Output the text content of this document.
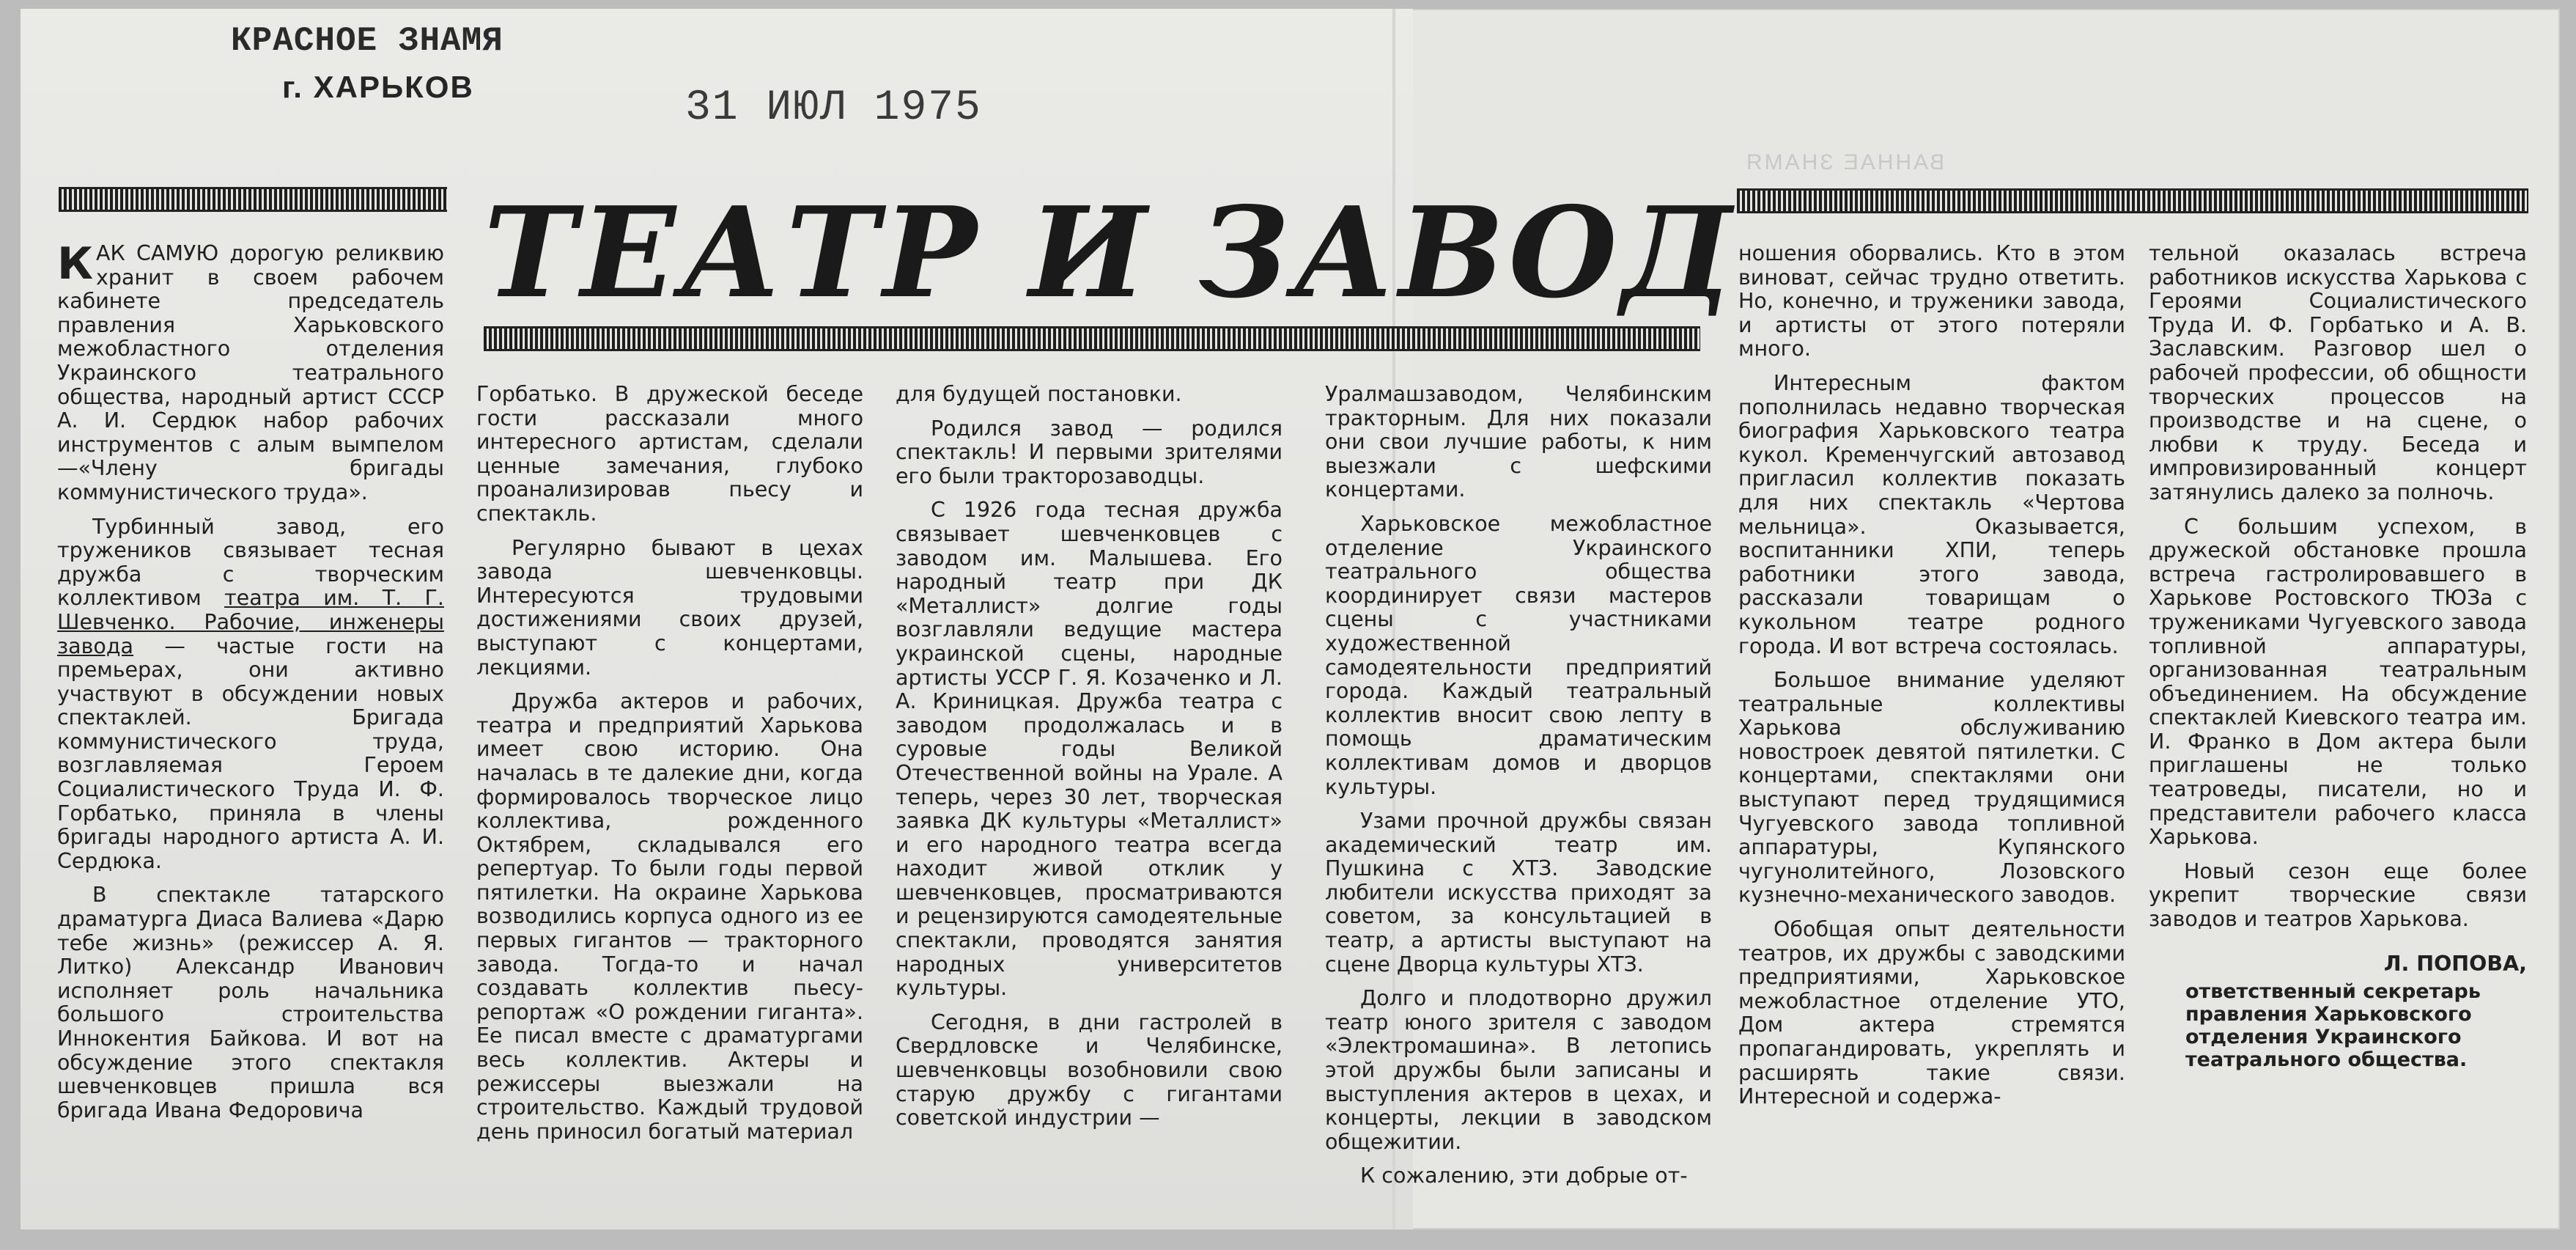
ВАННАЕ ЗНАМЯ
КРАСНОЕ ЗНАМЯ
г. ХАРЬКОВ	31 ИЮЛ 1975
ТЕАТР И ЗАВОД

КАК САМУЮ дорогую реликвию хранит в своем рабочем кабинете председатель правления Харьковского межобластного отделения Украинского театрального общества, народный артист СССР А. И. Сердюк набор рабочих инструментов с алым вымпелом—«Члену бригады коммунистического труда».

Турбинный завод, его тружеников связывает тесная дружба с творческим коллективом театра им. Т. Г. Шевченко. Рабочие, инженеры завода — частые гости на премьерах, они активно участвуют в обсуждении новых спектаклей. Бригада коммунистического труда, возглавляемая Героем Социалистического Труда И. Ф. Горбатько, приняла в члены бригады народного артиста А. И. Сердюка.

В спектакле татарского драматурга Диаса Валиева «Дарю тебе жизнь» (режиссер А. Я. Литко) Александр Иванович исполняет роль начальника большого строительства Иннокентия Байкова. И вот на обсуждение этого спектакля шевченковцев пришла вся бригада Ивана Федоровича

Горбатько. В дружеской беседе гости рассказали много интересного артистам, сделали ценные замечания, глубоко проанализировав пьесу и спектакль.

Регулярно бывают в цехах завода шевченковцы. Интересуются трудовыми достижениями своих друзей, выступают с концертами, лекциями.

Дружба актеров и рабочих, театра и предприятий Харькова имеет свою историю. Она началась в те далекие дни, когда формировалось творческое лицо коллектива, рожденного Октябрем, складывался его репертуар. То были годы первой пятилетки. На окраине Харькова возводились корпуса одного из ее первых гигантов — тракторного завода. Тогда-то и начал создавать коллектив пьесу-репортаж «О рождении гиганта». Ее писал вместе с драматургами весь коллектив. Актеры и режиссеры выезжали на строительство. Каждый трудовой день приносил богатый материал

для будущей постановки.

Родился завод — родился спектакль! И первыми зрителями его были тракторозаводцы.

С 1926 года тесная дружба связывает шевченковцев с заводом им. Малышева. Его народный театр при ДК «Металлист» долгие годы возглавляли ведущие мастера украинской сцены, народные артисты УССР Г. Я. Козаченко и Л. А. Криницкая. Дружба театра с заводом продолжалась и в суровые годы Великой Отечественной войны на Урале. А теперь, через 30 лет, творческая заявка ДК культуры «Металлист» и его народного театра всегда находит живой отклик у шевченковцев, просматриваются и рецензируются самодеятельные спектакли, проводятся занятия народных университетов культуры.

Сегодня, в дни гастролей в Свердловске и Челябинске, шевченковцы возобновили свою старую дружбу с гигантами советской индустрии —

Уралмашзаводом, Челябинским тракторным. Для них показали они свои лучшие работы, к ним выезжали с шефскими концертами.

Харьковское межобластное отделение Украинского театрального общества координирует связи мастеров сцены с участниками художественной самодеятельности предприятий города. Каждый театральный коллектив вносит свою лепту в помощь драматическим коллективам домов и дворцов культуры.

Узами прочной дружбы связан академический театр им. Пушкина с ХТЗ. Заводские любители искусства приходят за советом, за консультацией в театр, а артисты выступают на сцене Дворца культуры ХТЗ.

Долго и плодотворно дружил театр юного зрителя с заводом «Электромашина». В летопись этой дружбы были записаны и выступления актеров в цехах, и концерты, лекции в заводском общежитии.

К сожалению, эти добрые от-

ношения оборвались. Кто в этом виноват, сейчас трудно ответить. Но, конечно, и труженики завода, и артисты от этого потеряли много.

Интересным фактом пополнилась недавно творческая биография Харьковского театра кукол. Кременчугский автозавод пригласил коллектив показать для них спектакль «Чертова мельница». Оказывается, воспитанники ХПИ, теперь работники этого завода, рассказали товарищам о кукольном театре родного города. И вот встреча состоялась.

Большое внимание уделяют театральные коллективы Харькова обслуживанию новостроек девятой пятилетки. С концертами, спектаклями они выступают перед трудящимися Чугуевского завода топливной аппаратуры, Купянского чугунолитейного, Лозовского кузнечно-механического заводов.

Обобщая опыт деятельности театров, их дружбы с заводскими предприятиями, Харьковское межобластное отделение УТО, Дом актера стремятся пропагандировать, укреплять и расширять такие связи. Интересной и содержа-

тельной оказалась встреча работников искусства Харькова с Героями Социалистического Труда И. Ф. Горбатько и А. В. Заславским. Разговор шел о рабочей профессии, об общности творческих процессов на производстве и на сцене, о любви к труду. Беседа и импровизированный концерт затянулись далеко за полночь.

С большим успехом, в дружеской обстановке прошла встреча гастролировавшего в Харькове Ростовского ТЮЗа с тружениками Чугуевского завода топливной аппаратуры, организованная театральным объединением. На обсуждение спектаклей Киевского театра им. И. Франко в Дом актера были приглашены не только театроведы, писатели, но и представители рабочего класса Харькова.

Новый сезон еще более укрепит творческие связи заводов и театров Харькова.

Л. ПОПОВА,

ответственный секретарь правления Харьковского отделения Украинского театрального общества.
